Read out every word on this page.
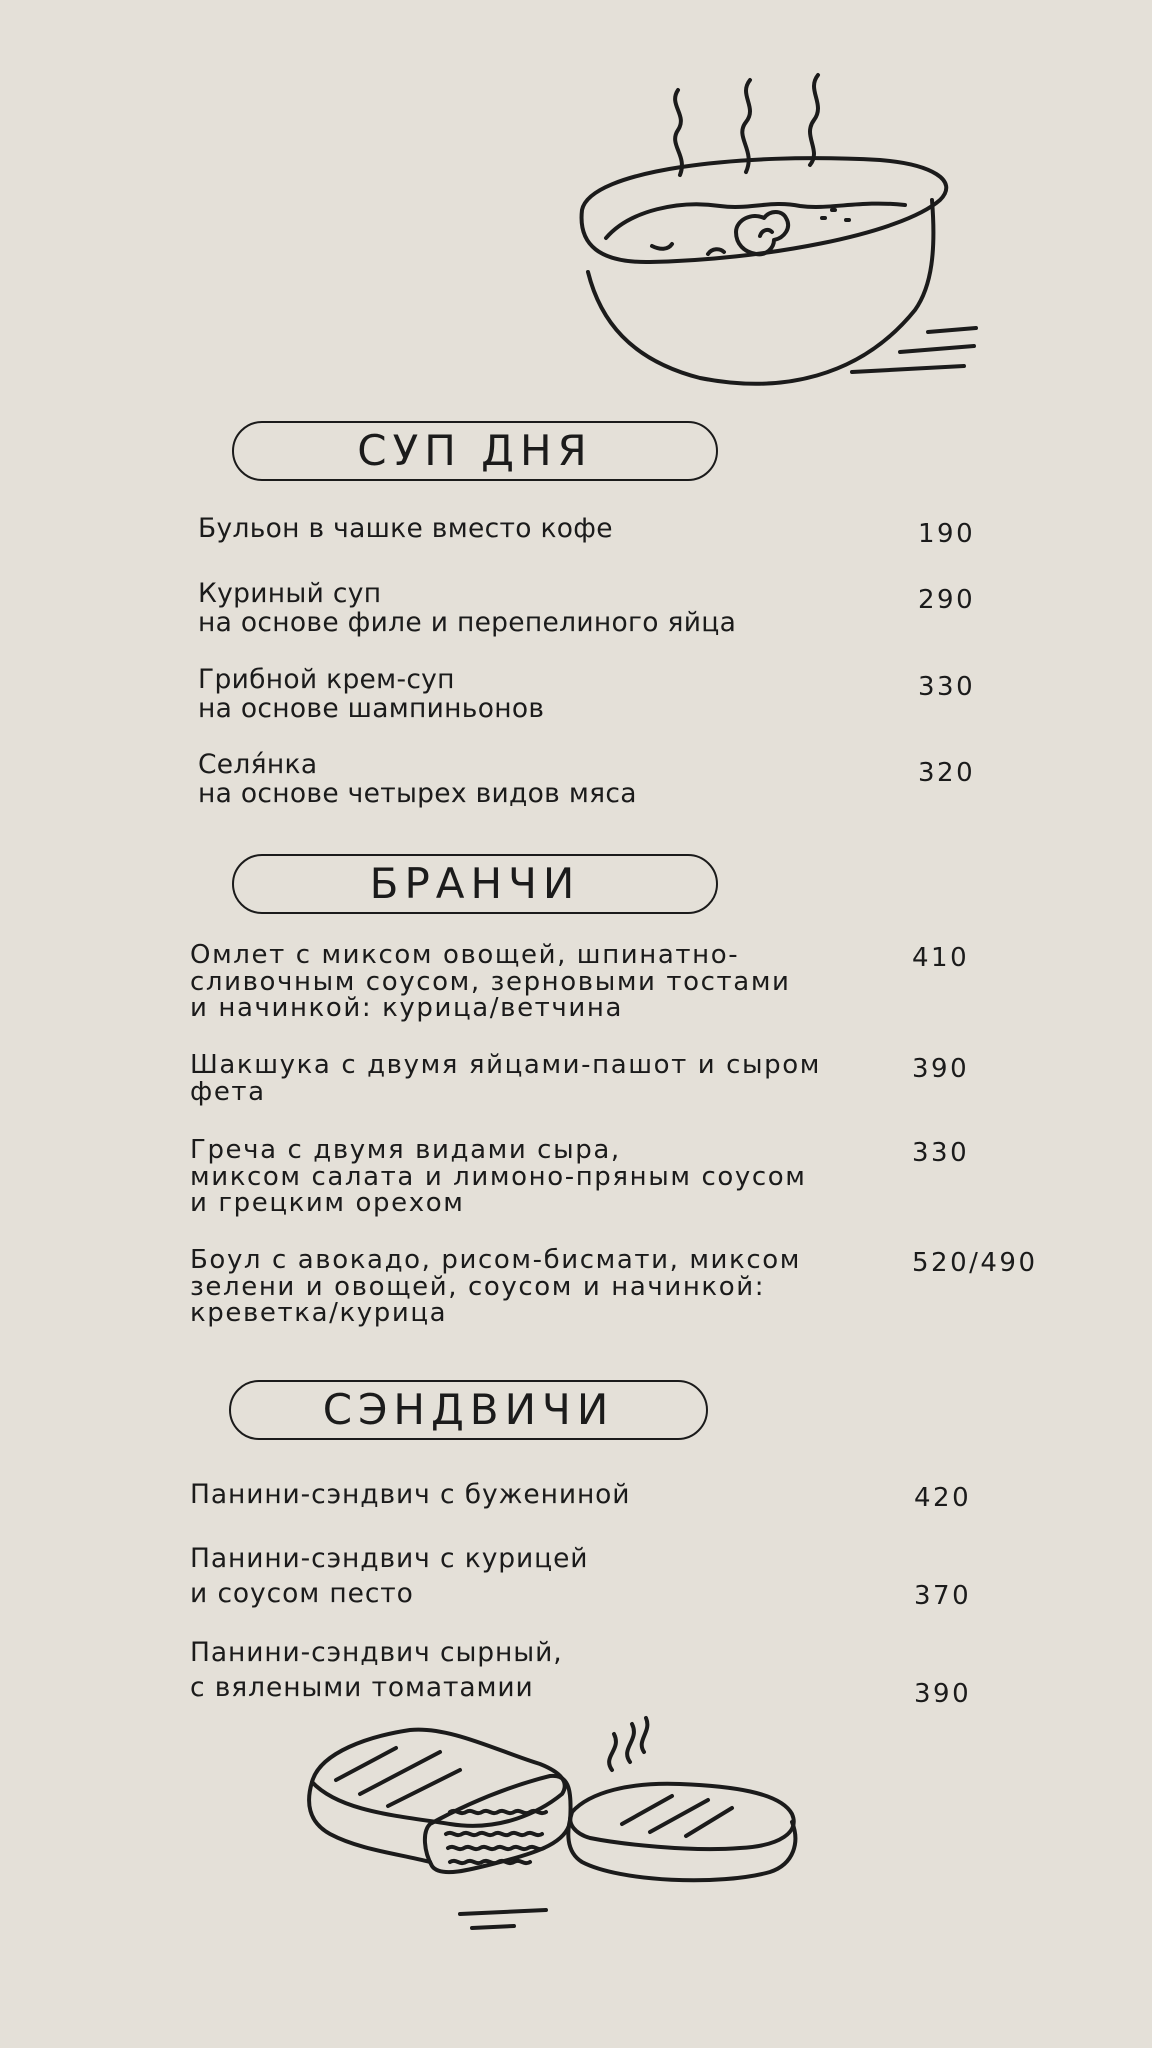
СУП ДНЯ
Бульон в чашке вместо кофе	190
Куриный суп
на основе филе и перепелиного яйца
290
Грибной крем-суп
на основе шампиньонов
330
Селя́нка
на основе четырех видов мяса
320
БРАНЧИ
Омлет с миксом овощей, шпинатно-
сливочным соусом, зерновыми тостами
и начинкой: курица/ветчина
410
Шакшука с двумя яйцами-пашот и сыром
фета
390
Греча с двумя видами сыра,
миксом салата и лимоно-пряным соусом
и грецким орехом
330
Боул с авокадо, рисом-бисмати, миксом
зелени и овощей, соусом и начинкой:
креветка/курица
520/490
СЭНДВИЧИ
Панини-сэндвич с бужениной	420
Панини-сэндвич с курицей
и соусом песто	370
Панини-сэндвич сырный,
с вялеными томатамии	390
